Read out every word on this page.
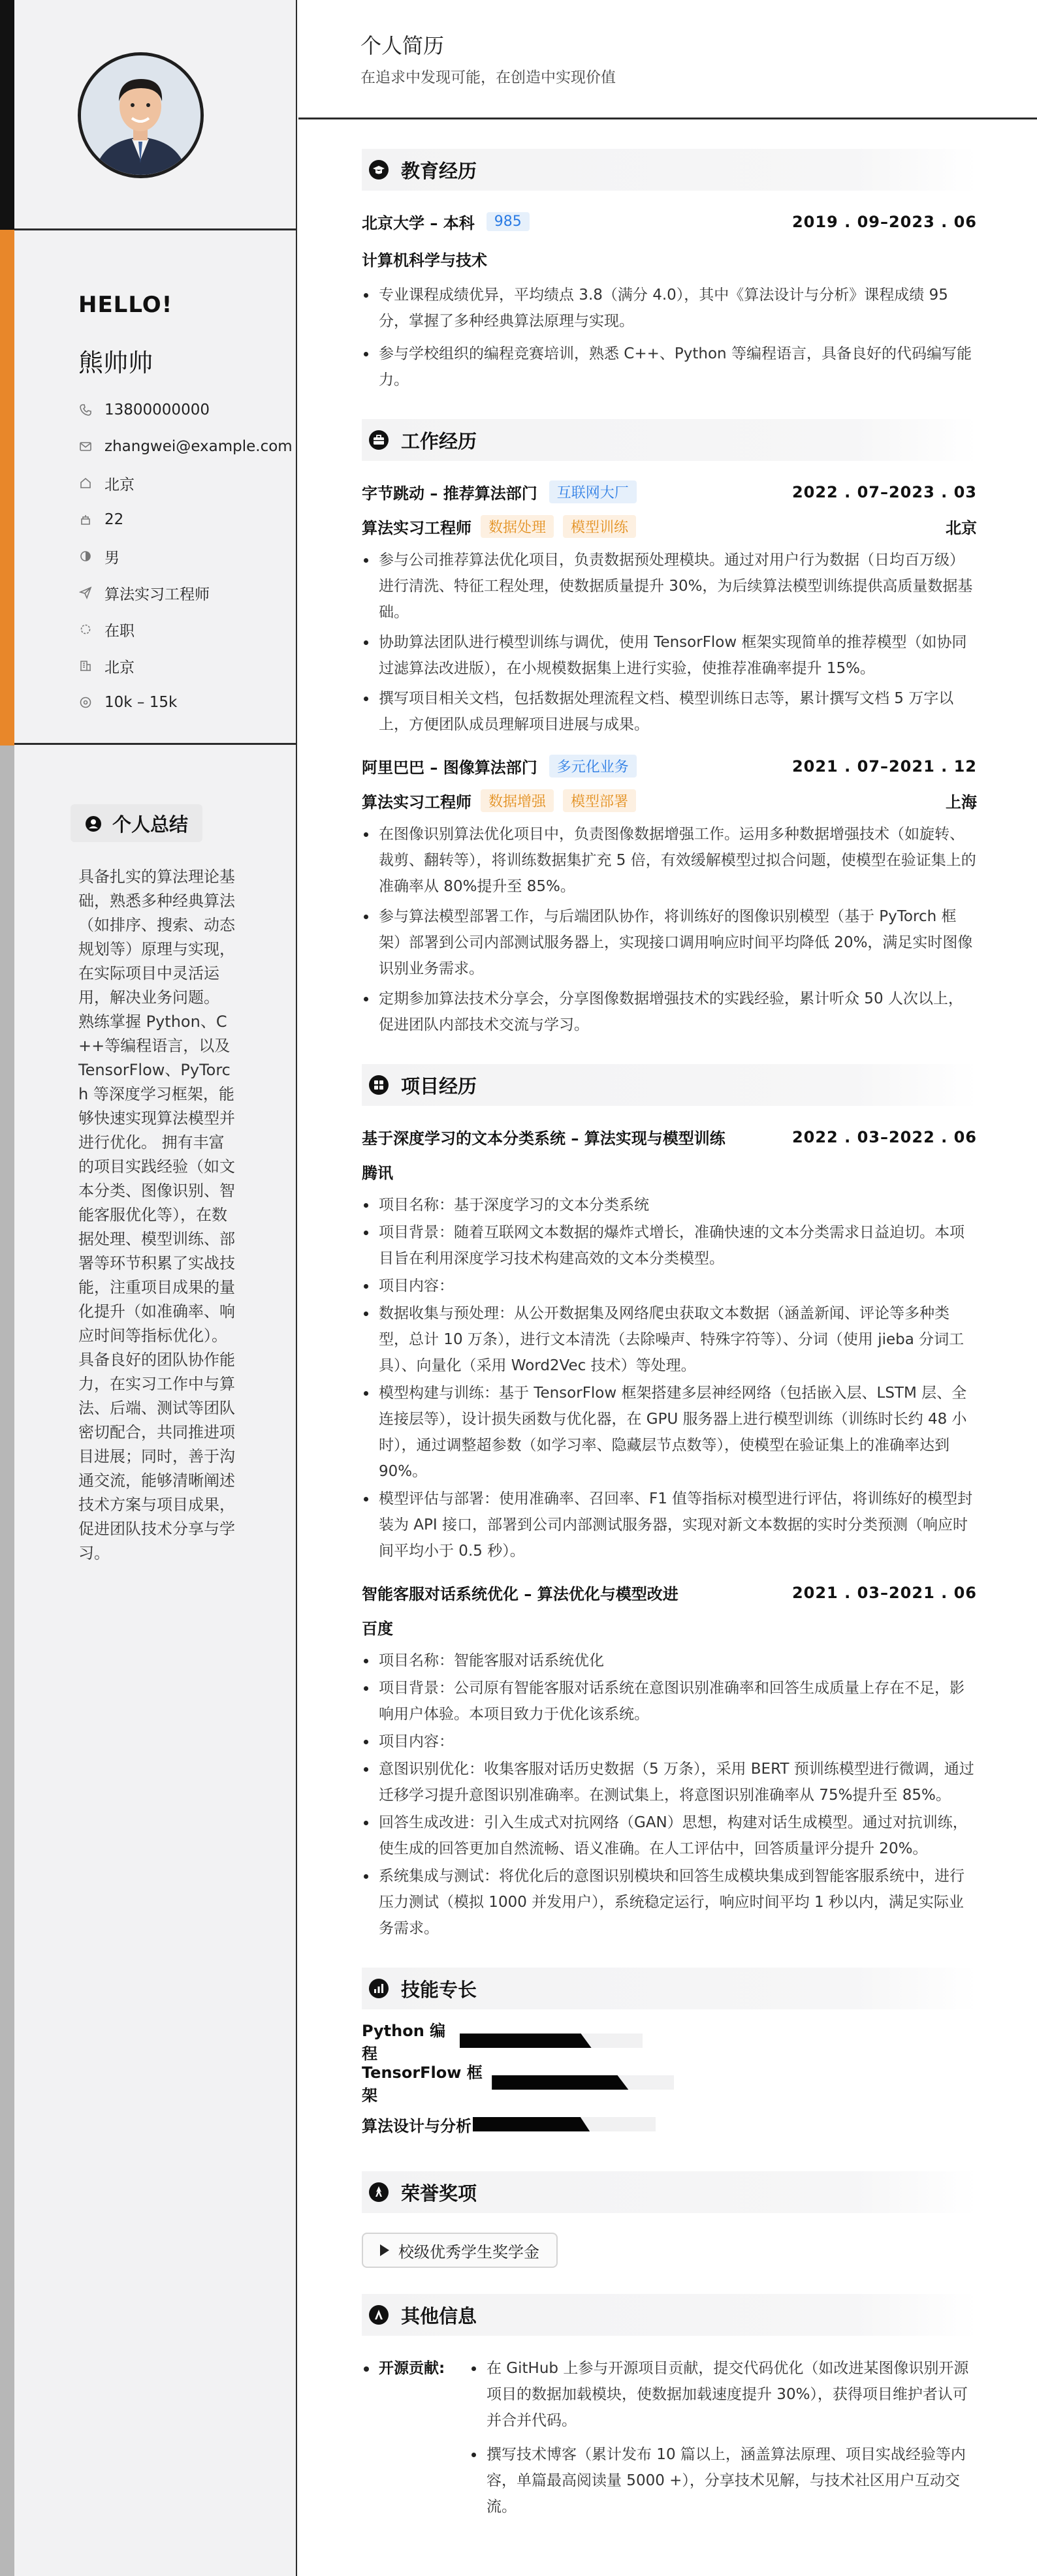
HELLO!
熊帅帅
13800000000
zhangwei@example.com
北京
22
男
算法实习工程师
在职
北京
10k – 15k
个人总结
具备扎实的算法理论基础，熟悉多种经典算法（如排序、搜索、动态规划等）原理与实现，在实际项目中灵活运用，解决业务问题。 熟练掌握 Python、C++等编程语言，以及 TensorFlow、PyTorch 等深度学习框架，能够快速实现算法模型并进行优化。 拥有丰富的项目实践经验（如文本分类、图像识别、智能客服优化等），在数据处理、模型训练、部署等环节积累了实战技能，注重项目成果的量化提升（如准确率、响应时间等指标优化）。 具备良好的团队协作能力，在实习工作中与算法、后端、测试等团队密切配合，共同推进项目进展；同时，善于沟通交流，能够清晰阐述技术方案与项目成果，促进团队技术分享与学习。
个人简历
在追求中发现可能，在创造中实现价值
教育经历
北京大学 – 本科	985	2019 . 09–2023 . 06
计算机科学与技术
专业课程成绩优异，平均绩点 3.8（满分 4.0），其中《算法设计与分析》课程成绩 95 分，掌握了多种经典算法原理与实现。
参与学校组织的编程竞赛培训，熟悉 C++、Python 等编程语言，具备良好的代码编写能力。
工作经历
字节跳动 – 推荐算法部门	互联网大厂	2022 . 07–2023 . 03
算法实习工程师	数据处理	模型训练	北京
参与公司推荐算法优化项目，负责数据预处理模块。通过对用户行为数据（日均百万级）进行清洗、特征工程处理，使数据质量提升 30%，为后续算法模型训练提供高质量数据基础。
协助算法团队进行模型训练与调优，使用 TensorFlow 框架实现简单的推荐模型（如协同过滤算法改进版），在小规模数据集上进行实验，使推荐准确率提升 15%。
撰写项目相关文档，包括数据处理流程文档、模型训练日志等，累计撰写文档 5 万字以上，方便团队成员理解项目进展与成果。
阿里巴巴 – 图像算法部门	多元化业务	2021 . 07–2021 . 12
算法实习工程师	数据增强	模型部署	上海
在图像识别算法优化项目中，负责图像数据增强工作。运用多种数据增强技术（如旋转、裁剪、翻转等），将训练数据集扩充 5 倍，有效缓解模型过拟合问题，使模型在验证集上的准确率从 80%提升至 85%。
参与算法模型部署工作，与后端团队协作，将训练好的图像识别模型（基于 PyTorch 框架）部署到公司内部测试服务器上，实现接口调用响应时间平均降低 20%，满足实时图像识别业务需求。
定期参加算法技术分享会，分享图像数据增强技术的实践经验，累计听众 50 人次以上，促进团队内部技术交流与学习。
项目经历
基于深度学习的文本分类系统 – 算法实现与模型训练	2022 . 03–2022 . 06
腾讯
项目名称：基于深度学习的文本分类系统
项目背景：随着互联网文本数据的爆炸式增长，准确快速的文本分类需求日益迫切。本项目旨在利用深度学习技术构建高效的文本分类模型。
项目内容：
数据收集与预处理：从公开数据集及网络爬虫获取文本数据（涵盖新闻、评论等多种类型，总计 10 万条），进行文本清洗（去除噪声、特殊字符等）、分词（使用 jieba 分词工具）、向量化（采用 Word2Vec 技术）等处理。
模型构建与训练：基于 TensorFlow 框架搭建多层神经网络（包括嵌入层、LSTM 层、全连接层等），设计损失函数与优化器，在 GPU 服务器上进行模型训练（训练时长约 48 小时），通过调整超参数（如学习率、隐藏层节点数等），使模型在验证集上的准确率达到 90%。
模型评估与部署：使用准确率、召回率、F1 值等指标对模型进行评估，将训练好的模型封装为 API 接口，部署到公司内部测试服务器，实现对新文本数据的实时分类预测（响应时间平均小于 0.5 秒）。
智能客服对话系统优化 – 算法优化与模型改进	2021 . 03–2021 . 06
百度
项目名称：智能客服对话系统优化
项目背景：公司原有智能客服对话系统在意图识别准确率和回答生成质量上存在不足，影响用户体验。本项目致力于优化该系统。
项目内容：
意图识别优化：收集客服对话历史数据（5 万条），采用 BERT 预训练模型进行微调，通过迁移学习提升意图识别准确率。在测试集上，将意图识别准确率从 75%提升至 85%。
回答生成改进：引入生成式对抗网络（GAN）思想，构建对话生成模型。通过对抗训练，使生成的回答更加自然流畅、语义准确。在人工评估中，回答质量评分提升 20%。
系统集成与测试：将优化后的意图识别模块和回答生成模块集成到智能客服系统中，进行压力测试（模拟 1000 并发用户），系统稳定运行，响应时间平均 1 秒以内，满足实际业务需求。
技能专长
Python 编程
TensorFlow 框架
算法设计与分析
荣誉奖项
校级优秀学生奖学金
其他信息
开源贡献:	在 GitHub 上参与开源项目贡献，提交代码优化（如改进某图像识别开源项目的数据加载模块，使数据加载速度提升 30%），获得项目维护者认可并合并代码。
撰写技术博客（累计发布 10 篇以上，涵盖算法原理、项目实战经验等内容，单篇最高阅读量 5000 +），分享技术见解，与技术社区用户互动交流。
